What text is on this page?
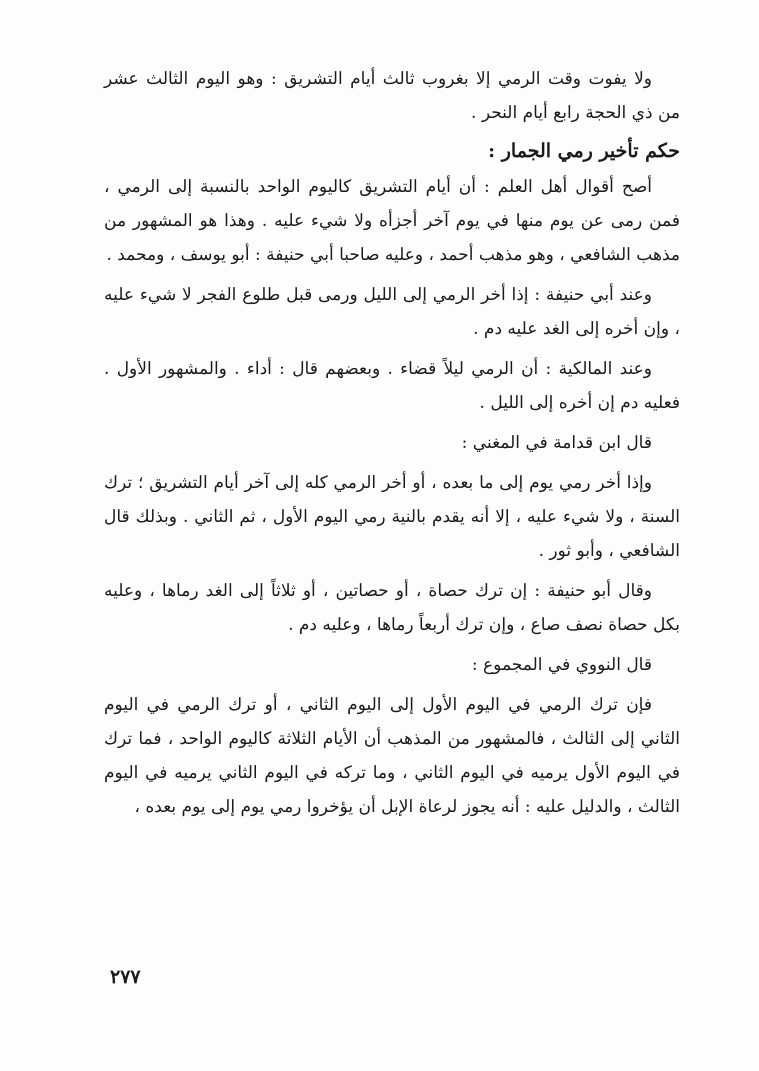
ولا يفوت وقت الرمي إلا بغروب ثالث أيام التشريق : وهو اليوم الثالث عشر من ذي الحجة رابع أيام النحر .

حكم تأخير رمي الجمار :

أصح أقوال أهل العلم : أن أيام التشريق كاليوم الواحد بالنسبة إلى الرمي ، فمن رمى عن يوم منها في يوم آخر أجزأه ولا شيء عليه . وهذا هو المشهور من مذهب الشافعي ، وهو مذهب أحمد ، وعليه صاحبا أبي حنيفة : أبو يوسف ، ومحمد .

وعند أبي حنيفة : إذا أخر الرمي إلى الليل ورمى قبل طلوع الفجر لا شيء عليه ، وإن أخره إلى الغد عليه دم .

وعند المالكية : أن الرمي ليلاً قضاء . وبعضهم قال : أداء . والمشهور الأول . فعليه دم إن أخره إلى الليل .

قال ابن قدامة في المغني :

وإذا أخر رمي يوم إلى ما بعده ، أو أخر الرمي كله إلى آخر أيام التشريق ؛ ترك السنة ، ولا شيء عليه ، إلا أنه يقدم بالنية رمي اليوم الأول ، ثم الثاني . وبذلك قال الشافعي ، وأبو ثور .

وقال أبو حنيفة : إن ترك حصاة ، أو حصاتين ، أو ثلاثاً إلى الغد رماها ، وعليه بكل حصاة نصف صاع ، وإن ترك أربعاً رماها ، وعليه دم .

قال النووي في المجموع :

فإن ترك الرمي في اليوم الأول إلى اليوم الثاني ، أو ترك الرمي في اليوم الثاني إلى الثالث ، فالمشهور من المذهب أن الأيام الثلاثة كاليوم الواحد ، فما ترك في اليوم الأول يرميه في اليوم الثاني ، وما تركه في اليوم الثاني يرميه في اليوم الثالث ، والدليل عليه : أنه يجوز لرعاة الإبل أن يؤخروا رمي يوم إلى يوم بعده ،

٢٧٧
